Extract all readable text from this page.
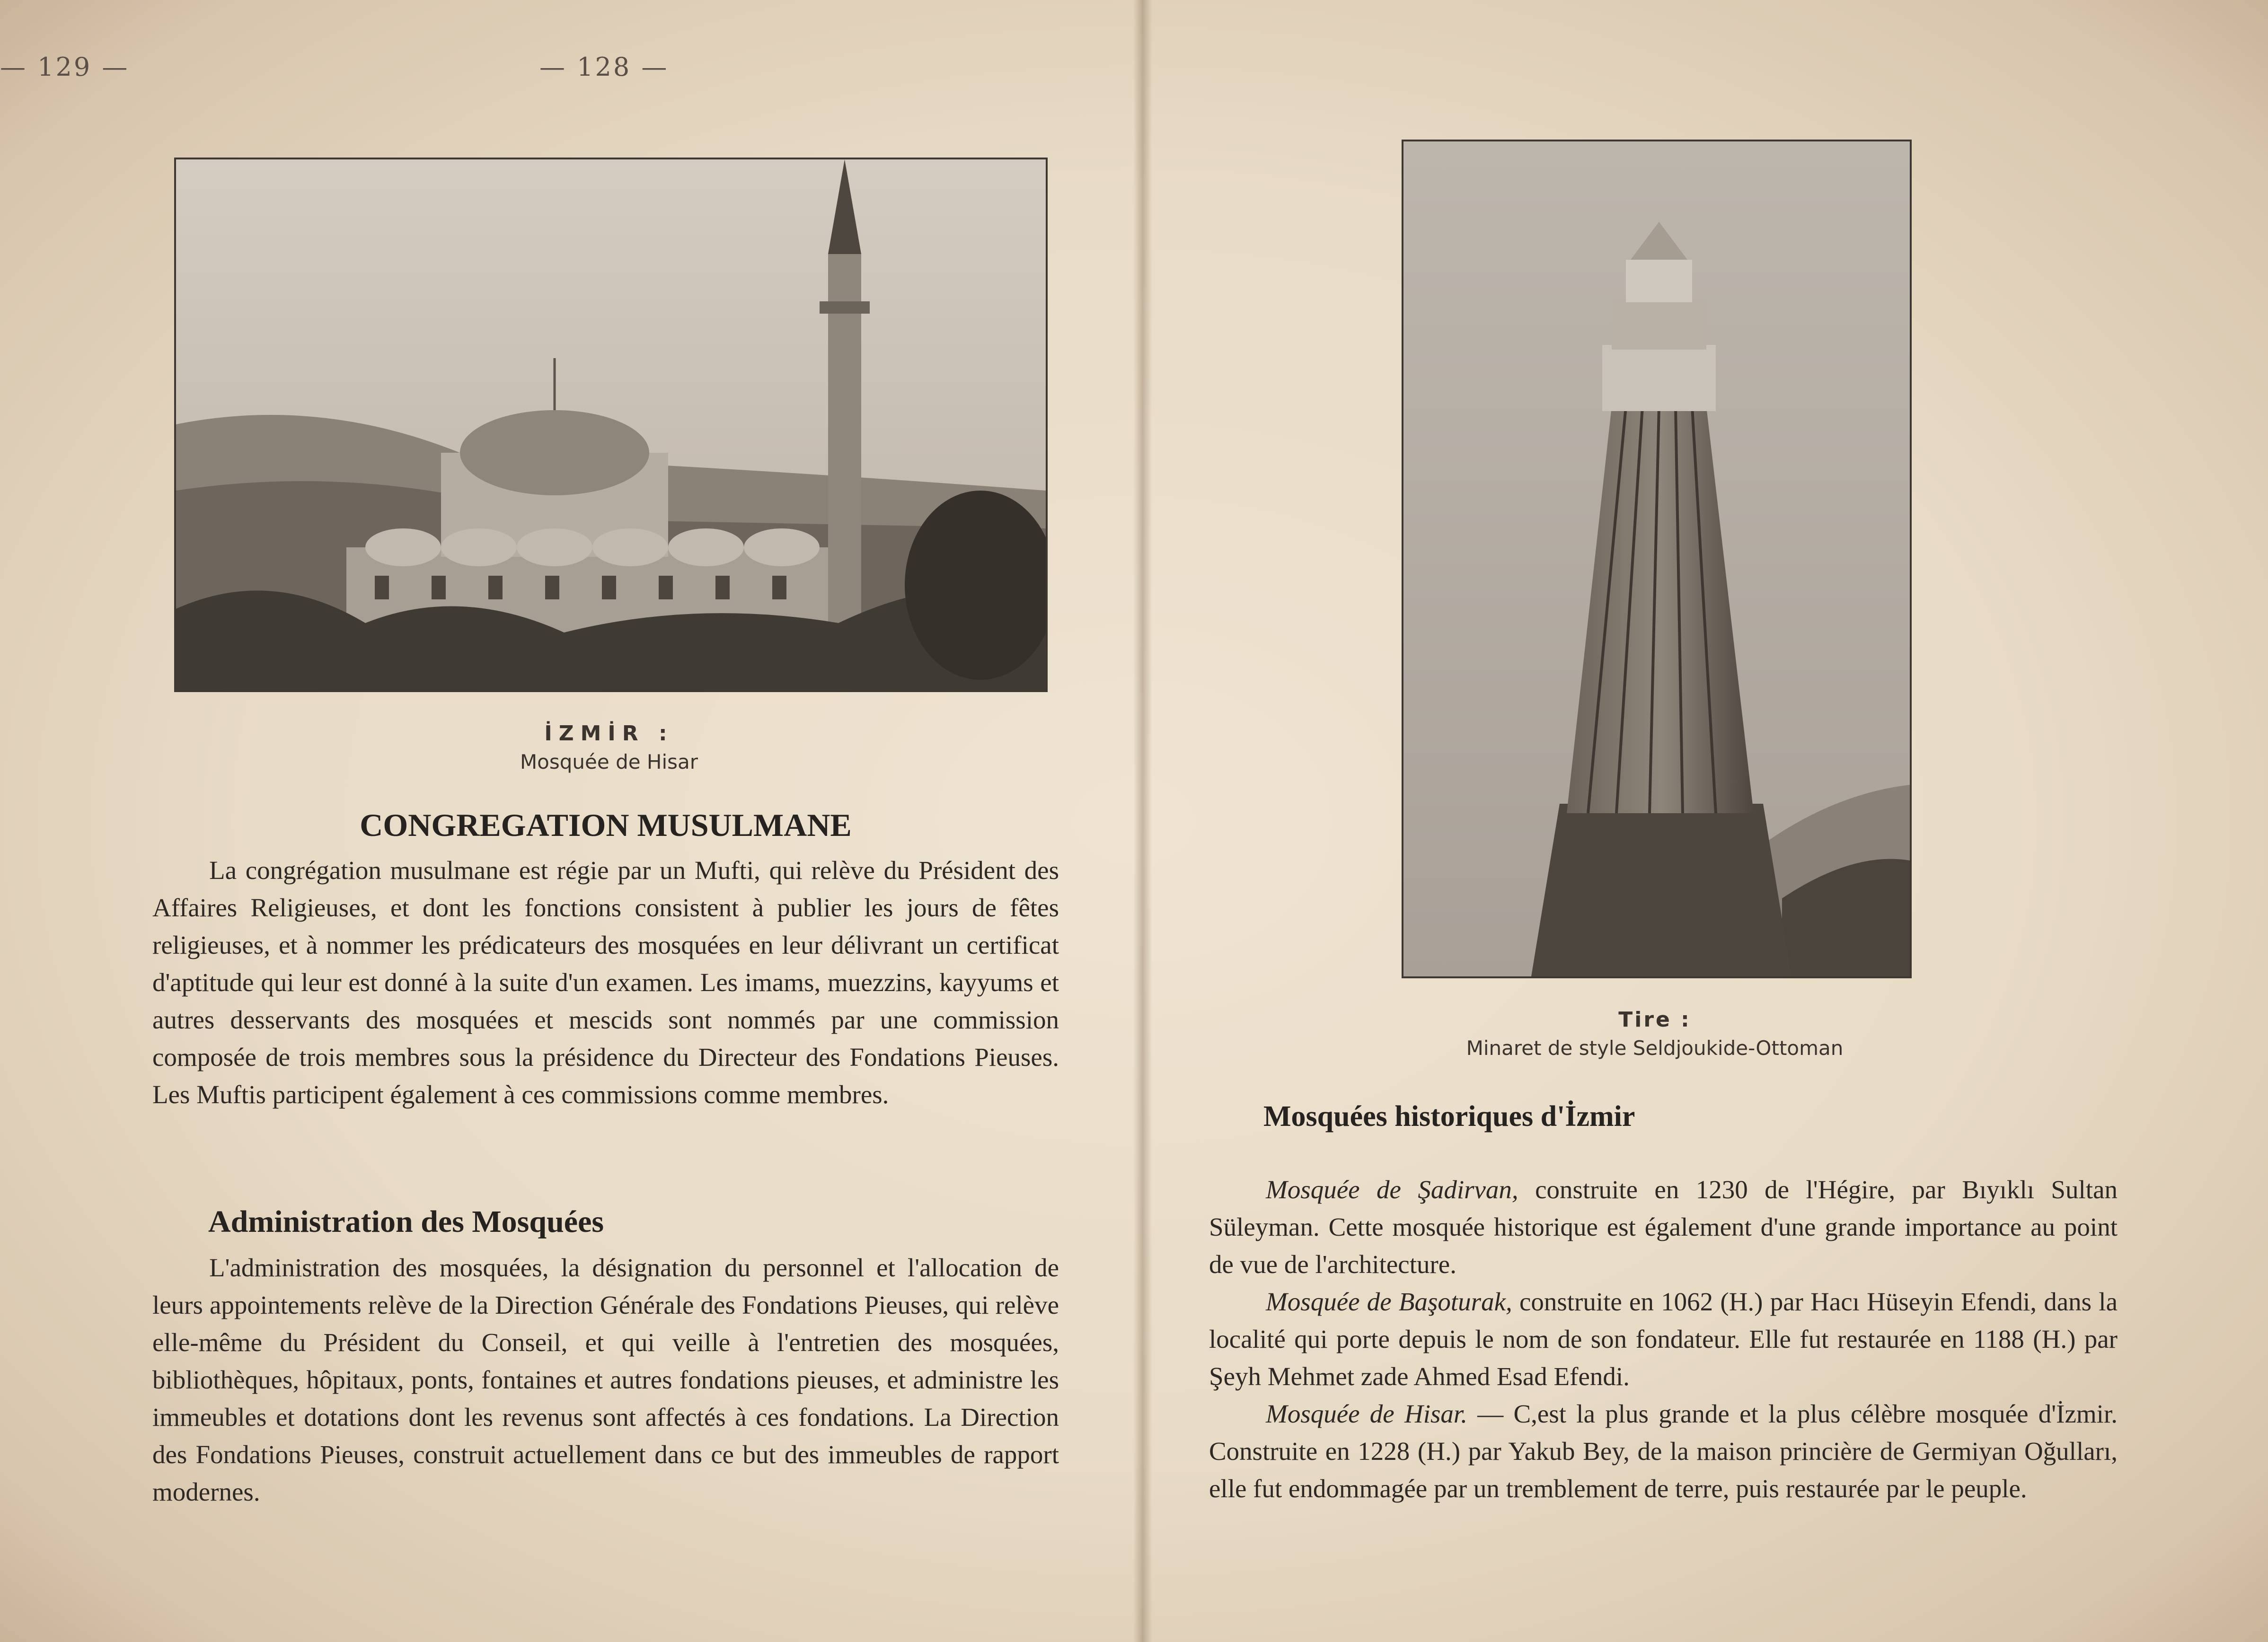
— 128 —
İZMİR :
Mosquée de Hisar
CONGREGATION MUSULMANE

La congrégation musulmane est régie par un Mufti, qui relève du Président des Affaires Religieuses, et dont les fonctions consistent à publier les jours de fêtes religieuses, et à nommer les prédicateurs des mosquées en leur délivrant un certificat d'aptitude qui leur est donné à la suite d'un examen. Les imams, muezzins, kayyums et autres desservants des mosquées et mescids sont nommés par une commission composée de trois membres sous la présidence du Directeur des Fondations Pieuses. Les Muftis participent également à ces commissions comme membres.

Administration des Mosquées

L'administration des mosquées, la désignation du personnel et l'allocation de leurs appointements relève de la Direction Générale des Fondations Pieuses, qui relève elle-même du Président du Conseil, et qui veille à l'entretien des mosquées, bibliothèques, hôpitaux, ponts, fontaines et autres fondations pieuses, et administre les immeubles et dotations dont les revenus sont affectés à ces fondations. La Direction des Fondations Pieuses, construit actuellement dans ce but des immeubles de rapport modernes.

— 129 —
Tire :
Minaret de style Seldjoukide-Ottoman
Mosquées historiques d'İzmir

Mosquée de Şadirvan, construite en 1230 de l'Hégire, par Bıyıklı Sultan Süleyman. Cette mosquée historique est également d'une grande importance au point de vue de l'architecture.

Mosquée de Başoturak, construite en 1062 (H.) par Hacı Hüseyin Efendi, dans la localité qui porte depuis le nom de son fondateur. Elle fut restaurée en 1188 (H.) par Şeyh Mehmet zade Ahmed Esad Efendi.

Mosquée de Hisar. — C,est la plus grande et la plus célèbre mosquée d'İzmir. Construite en 1228 (H.) par Yakub Bey, de la maison princière de Germiyan Oğulları, elle fut endommagée par un tremblement de terre, puis restaurée par le peuple.
